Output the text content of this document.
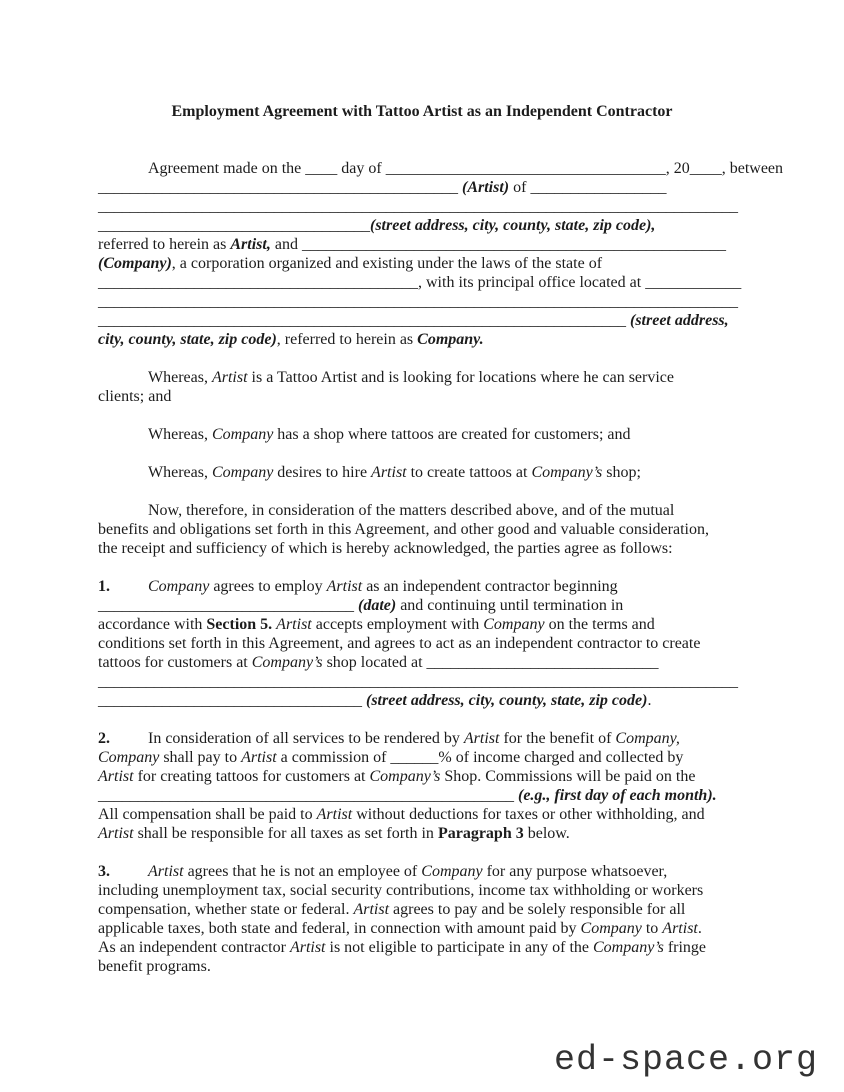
Employment Agreement with Tattoo Artist as an Independent Contractor
Agreement made on the ____ day of ___________________________________, 20____, between
_____________________________________________ (Artist) of _________________
________________________________________________________________________________
__________________________________(street address, city, county, state, zip code),
referred to herein as Artist, and _____________________________________________________
(Company), a corporation organized and existing under the laws of the state of
________________________________________, with its principal office located at ____________
________________________________________________________________________________
__________________________________________________________________ (street address,
city, county, state, zip code), referred to herein as Company.
Whereas, Artist is a Tattoo Artist and is looking for locations where he can service
clients; and
Whereas, Company has a shop where tattoos are created for customers; and
Whereas, Company desires to hire Artist to create tattoos at Company’s shop;
Now, therefore, in consideration of the matters described above, and of the mutual
benefits and obligations set forth in this Agreement, and other good and valuable consideration,
the receipt and sufficiency of which is hereby acknowledged, the parties agree as follows:
1. Company agrees to employ Artist as an independent contractor beginning
________________________________ (date) and continuing until termination in
accordance with Section 5. Artist accepts employment with Company on the terms and
conditions set forth in this Agreement, and agrees to act as an independent contractor to create
tattoos for customers at Company’s shop located at _____________________________
________________________________________________________________________________
_________________________________ (street address, city, county, state, zip code).
2. In consideration of all services to be rendered by Artist for the benefit of Company,
Company shall pay to Artist a commission of ______% of income charged and collected by
Artist for creating tattoos for customers at Company’s Shop. Commissions will be paid on the
____________________________________________________ (e.g., first day of each month).
All compensation shall be paid to Artist without deductions for taxes or other withholding, and
Artist shall be responsible for all taxes as set forth in Paragraph 3 below.
3. Artist agrees that he is not an employee of Company for any purpose whatsoever,
including unemployment tax, social security contributions, income tax withholding or workers
compensation, whether state or federal. Artist agrees to pay and be solely responsible for all
applicable taxes, both state and federal, in connection with amount paid by Company to Artist.
As an independent contractor Artist is not eligible to participate in any of the Company’s fringe
benefit programs.
ed-space.org
